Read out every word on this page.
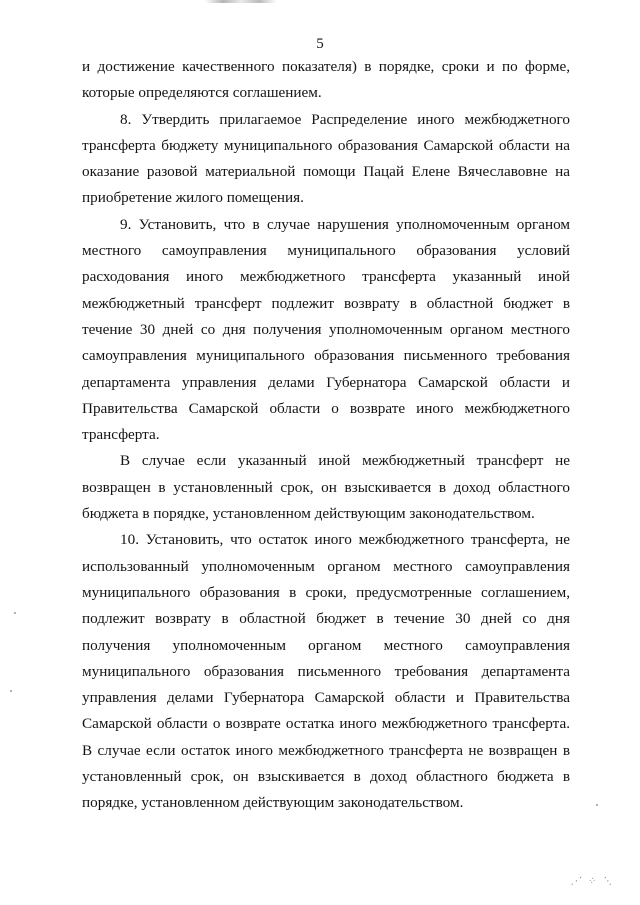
5

и достижение качественного показателя) в порядке, сроки и по форме, которые определяются соглашением.

8. Утвердить прилагаемое Распределение иного межбюджетного трансферта бюджету муниципального образования Самарской области на оказание разовой материальной помощи Пацай Елене Вячеславовне на приобретение жилого помещения.

9. Установить, что в случае нарушения уполномоченным органом местного самоуправления муниципального образования условий расходования иного межбюджетного трансферта указанный иной межбюджетный трансферт подлежит возврату в областной бюджет в течение 30 дней со дня получения уполномоченным органом местного самоуправления муниципального образования письменного требования департамента управления делами Губернатора Самарской области и Правительства Самарской области о возврате иного межбюджетного трансферта.

В случае если указанный иной межбюджетный трансферт не возвращен в установленный срок, он взыскивается в доход областного бюджета в порядке, установленном действующим законодательством.

10. Установить, что остаток иного межбюджетного трансферта, не использованный уполномоченным органом местного самоуправления муниципального образования в сроки, предусмотренные соглашением, подлежит возврату в областной бюджет в течение 30 дней со дня получения уполномоченным органом местного самоуправления муниципального образования письменного требования департамента управления делами Губернатора Самарской области и Правительства Самарской области о возврате остатка иного межбюджетного трансферта. В случае если остаток иного межбюджетного трансферта не возвращен в установленный срок, он взыскивается в доход областного бюджета в порядке, установленном действующим законодательством.

⋰ ⁘ ⋱
